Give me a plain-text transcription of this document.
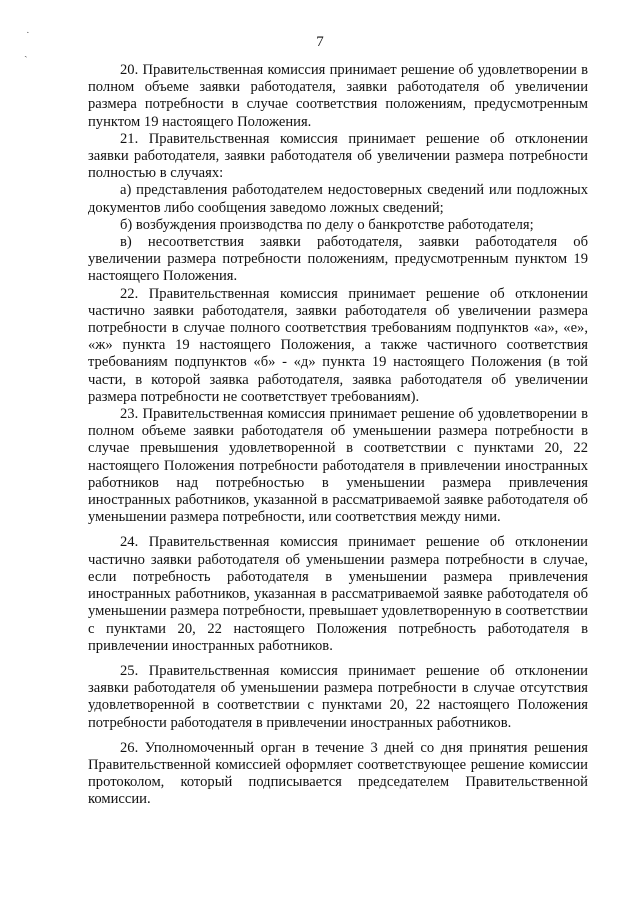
˙
ˏ
7

20. Правительственная комиссия принимает решение об удовлетворении в полном объеме заявки работодателя, заявки работодателя об увеличении размера потребности в случае соответствия положениям, предусмотренным пунктом 19 настоящего Положения.

21. Правительственная комиссия принимает решение об отклонении заявки работодателя, заявки работодателя об увеличении размера потребности полностью в случаях:

а) представления работодателем недостоверных сведений или подложных документов либо сообщения заведомо ложных сведений;

б) возбуждения производства по делу о банкротстве работодателя;

в) несоответствия заявки работодателя, заявки работодателя об увеличении размера потребности положениям, предусмотренным пунктом 19 настоящего Положения.

22. Правительственная комиссия принимает решение об отклонении частично заявки работодателя, заявки работодателя об увеличении размера потребности в случае полного соответствия требованиям подпунктов «а», «е», «ж» пункта 19 настоящего Положения, а также частичного соответствия требованиям подпунктов «б» - «д» пункта 19 настоящего Положения (в той части, в которой заявка работодателя, заявка работодателя об увеличении размера потребности не соответствует требованиям).

23. Правительственная комиссия принимает решение об удовлетворении в полном объеме заявки работодателя об уменьшении размера потребности в случае превышения удовлетворенной в соответствии с пунктами 20, 22 настоящего Положения потребности работодателя в привлечении иностранных работников над потребностью в уменьшении размера привлечения иностранных работников, указанной в рассматриваемой заявке работодателя об уменьшении размера потребности, или соответствия между ними.

24. Правительственная комиссия принимает решение об отклонении частично заявки работодателя об уменьшении размера потребности в случае, если потребность работодателя в уменьшении размера привлечения иностранных работников, указанная в рассматриваемой заявке работодателя об уменьшении размера потребности, превышает удовлетворенную в соответствии с пунктами 20, 22 настоящего Положения потребность работодателя в привлечении иностранных работников.

25. Правительственная комиссия принимает решение об отклонении заявки работодателя об уменьшении размера потребности в случае отсутствия удовлетворенной в соответствии с пунктами 20, 22 настоящего Положения потребности работодателя в привлечении иностранных работников.

26. Уполномоченный орган в течение 3 дней со дня принятия решения Правительственной комиссией оформляет соответствующее решение комиссии протоколом, который подписывается председателем Правительственной комиссии.
